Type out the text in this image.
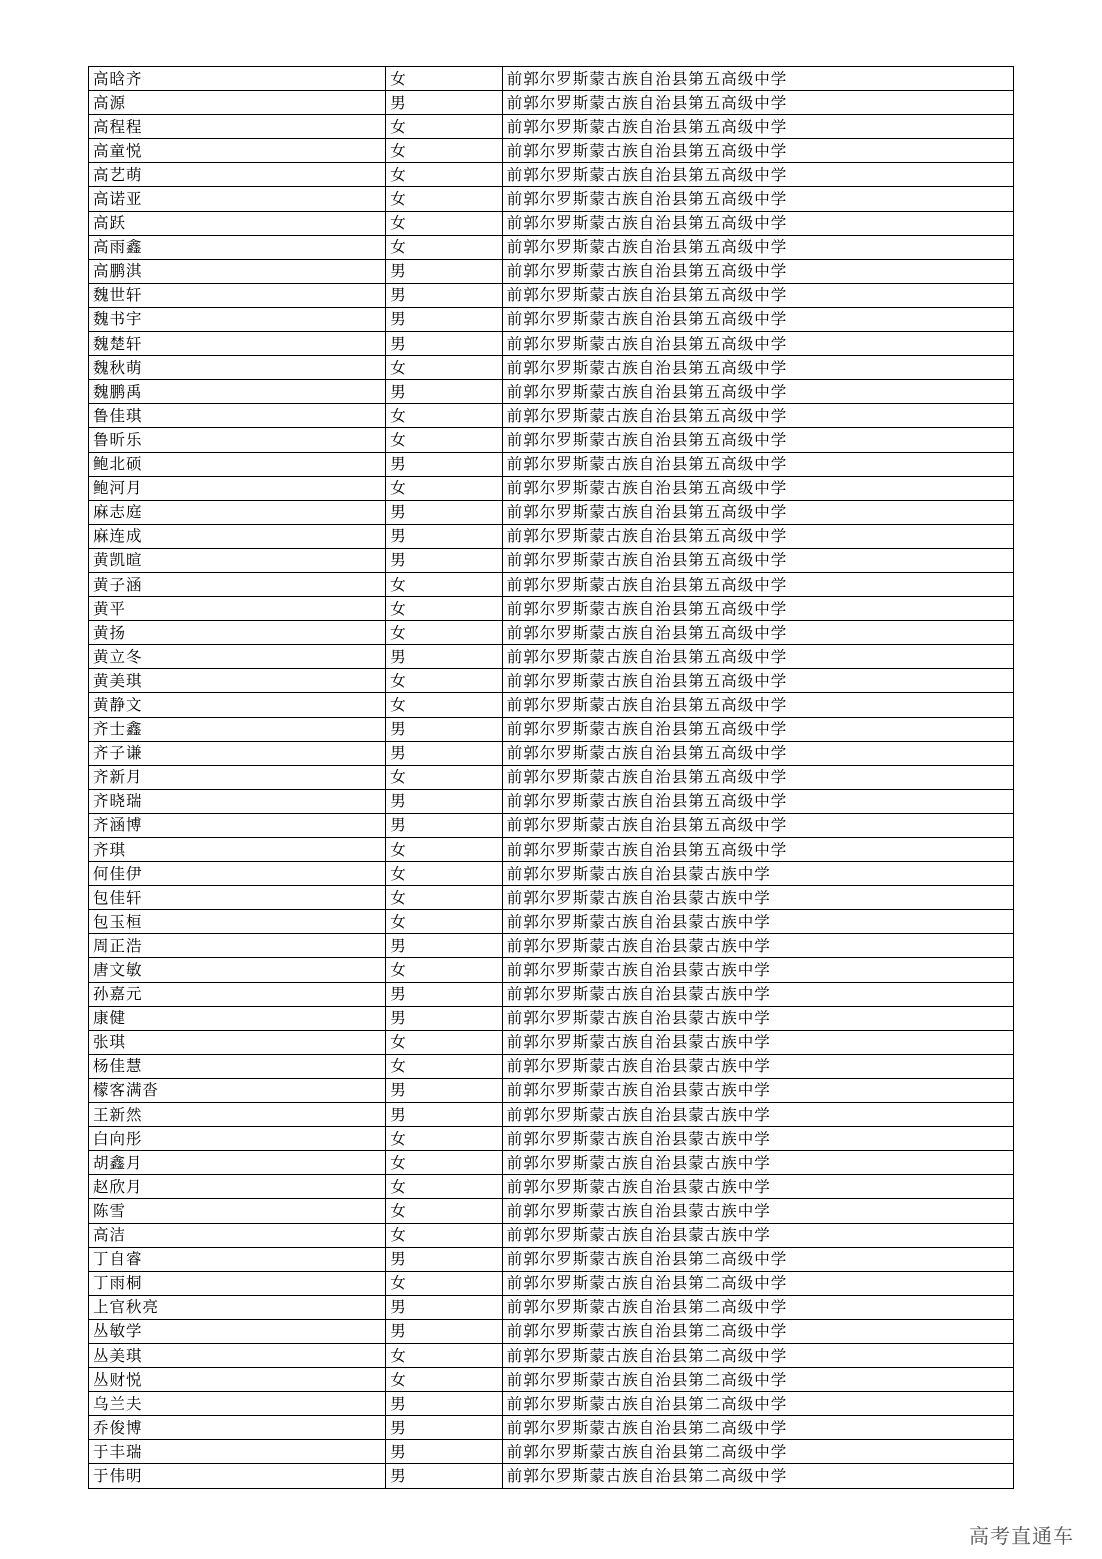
高晗齐	女	前郭尔罗斯蒙古族自治县第五高级中学
高源	男	前郭尔罗斯蒙古族自治县第五高级中学
高程程	女	前郭尔罗斯蒙古族自治县第五高级中学
高童悦	女	前郭尔罗斯蒙古族自治县第五高级中学
高艺萌	女	前郭尔罗斯蒙古族自治县第五高级中学
高诺亚	女	前郭尔罗斯蒙古族自治县第五高级中学
高跃	女	前郭尔罗斯蒙古族自治县第五高级中学
高雨鑫	女	前郭尔罗斯蒙古族自治县第五高级中学
高鹏淇	男	前郭尔罗斯蒙古族自治县第五高级中学
魏世轩	男	前郭尔罗斯蒙古族自治县第五高级中学
魏书宇	男	前郭尔罗斯蒙古族自治县第五高级中学
魏楚轩	男	前郭尔罗斯蒙古族自治县第五高级中学
魏秋萌	女	前郭尔罗斯蒙古族自治县第五高级中学
魏鹏禹	男	前郭尔罗斯蒙古族自治县第五高级中学
鲁佳琪	女	前郭尔罗斯蒙古族自治县第五高级中学
鲁昕乐	女	前郭尔罗斯蒙古族自治县第五高级中学
鲍北硕	男	前郭尔罗斯蒙古族自治县第五高级中学
鲍河月	女	前郭尔罗斯蒙古族自治县第五高级中学
麻志庭	男	前郭尔罗斯蒙古族自治县第五高级中学
麻连成	男	前郭尔罗斯蒙古族自治县第五高级中学
黄凯暄	男	前郭尔罗斯蒙古族自治县第五高级中学
黄子涵	女	前郭尔罗斯蒙古族自治县第五高级中学
黄平	女	前郭尔罗斯蒙古族自治县第五高级中学
黄扬	女	前郭尔罗斯蒙古族自治县第五高级中学
黄立冬	男	前郭尔罗斯蒙古族自治县第五高级中学
黄美琪	女	前郭尔罗斯蒙古族自治县第五高级中学
黄静文	女	前郭尔罗斯蒙古族自治县第五高级中学
齐士鑫	男	前郭尔罗斯蒙古族自治县第五高级中学
齐子谦	男	前郭尔罗斯蒙古族自治县第五高级中学
齐新月	女	前郭尔罗斯蒙古族自治县第五高级中学
齐晓瑞	男	前郭尔罗斯蒙古族自治县第五高级中学
齐涵博	男	前郭尔罗斯蒙古族自治县第五高级中学
齐琪	女	前郭尔罗斯蒙古族自治县第五高级中学
何佳伊	女	前郭尔罗斯蒙古族自治县蒙古族中学
包佳轩	女	前郭尔罗斯蒙古族自治县蒙古族中学
包玉桓	女	前郭尔罗斯蒙古族自治县蒙古族中学
周正浩	男	前郭尔罗斯蒙古族自治县蒙古族中学
唐文敏	女	前郭尔罗斯蒙古族自治县蒙古族中学
孙嘉元	男	前郭尔罗斯蒙古族自治县蒙古族中学
康健	男	前郭尔罗斯蒙古族自治县蒙古族中学
张琪	女	前郭尔罗斯蒙古族自治县蒙古族中学
杨佳慧	女	前郭尔罗斯蒙古族自治县蒙古族中学
檬客满沓	男	前郭尔罗斯蒙古族自治县蒙古族中学
王新然	男	前郭尔罗斯蒙古族自治县蒙古族中学
白向彤	女	前郭尔罗斯蒙古族自治县蒙古族中学
胡鑫月	女	前郭尔罗斯蒙古族自治县蒙古族中学
赵欣月	女	前郭尔罗斯蒙古族自治县蒙古族中学
陈雪	女	前郭尔罗斯蒙古族自治县蒙古族中学
高洁	女	前郭尔罗斯蒙古族自治县蒙古族中学
丁自睿	男	前郭尔罗斯蒙古族自治县第二高级中学
丁雨桐	女	前郭尔罗斯蒙古族自治县第二高级中学
上官秋亮	男	前郭尔罗斯蒙古族自治县第二高级中学
丛敏学	男	前郭尔罗斯蒙古族自治县第二高级中学
丛美琪	女	前郭尔罗斯蒙古族自治县第二高级中学
丛财悦	女	前郭尔罗斯蒙古族自治县第二高级中学
乌兰夫	男	前郭尔罗斯蒙古族自治县第二高级中学
乔俊博	男	前郭尔罗斯蒙古族自治县第二高级中学
于丰瑞	男	前郭尔罗斯蒙古族自治县第二高级中学
于伟明	男	前郭尔罗斯蒙古族自治县第二高级中学
高考直通车
